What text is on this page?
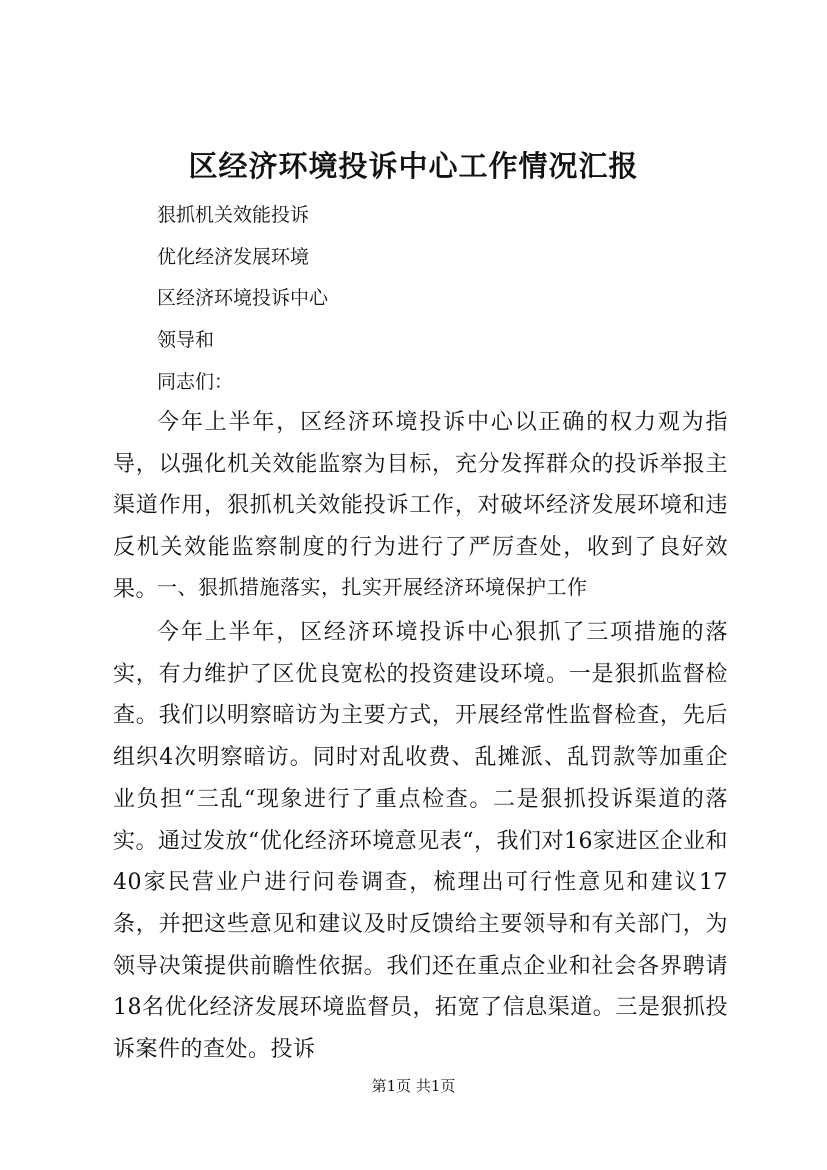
区经济环境投诉中心工作情况汇报
狠抓机关效能投诉
优化经济发展环境
区经济环境投诉中心
领导和
同志们：
今年上半年，区经济环境投诉中心以正确的权力观为指导，以强化机关效能监察为目标，充分发挥群众的投诉举报主渠道作用，狠抓机关效能投诉工作，对破坏经济发展环境和违反机关效能监察制度的行为进行了严厉查处，收到了良好效果。
一、狠抓措施落实，扎实开展经济环境保护工作
今年上半年，区经济环境投诉中心狠抓了三项措施的落实，有力维护了区优良宽松的投资建设环境。一是狠抓监督检查。我们以明察暗访为主要方式，开展经常性监督检查，先后组织4次明察暗访。同时对乱收费、乱摊派、乱罚款等加重企业负担“三乱“现象进行了重点检查。二是狠抓投诉渠道的落实。通过发放“优化经济环境意见表“，我们对16家进区企业和40家民营业户进行问卷调查，梳理出可行性意见和建议17条，并把这些意见和建议及时反馈给主要领导和有关部门，为领导决策提供前瞻性依据。我们还在重点企业和社会各界聘请18名优化经济发展环境监督员，拓宽了信息渠道。三是狠抓投诉案件的查处。投诉
第1页 共1页
